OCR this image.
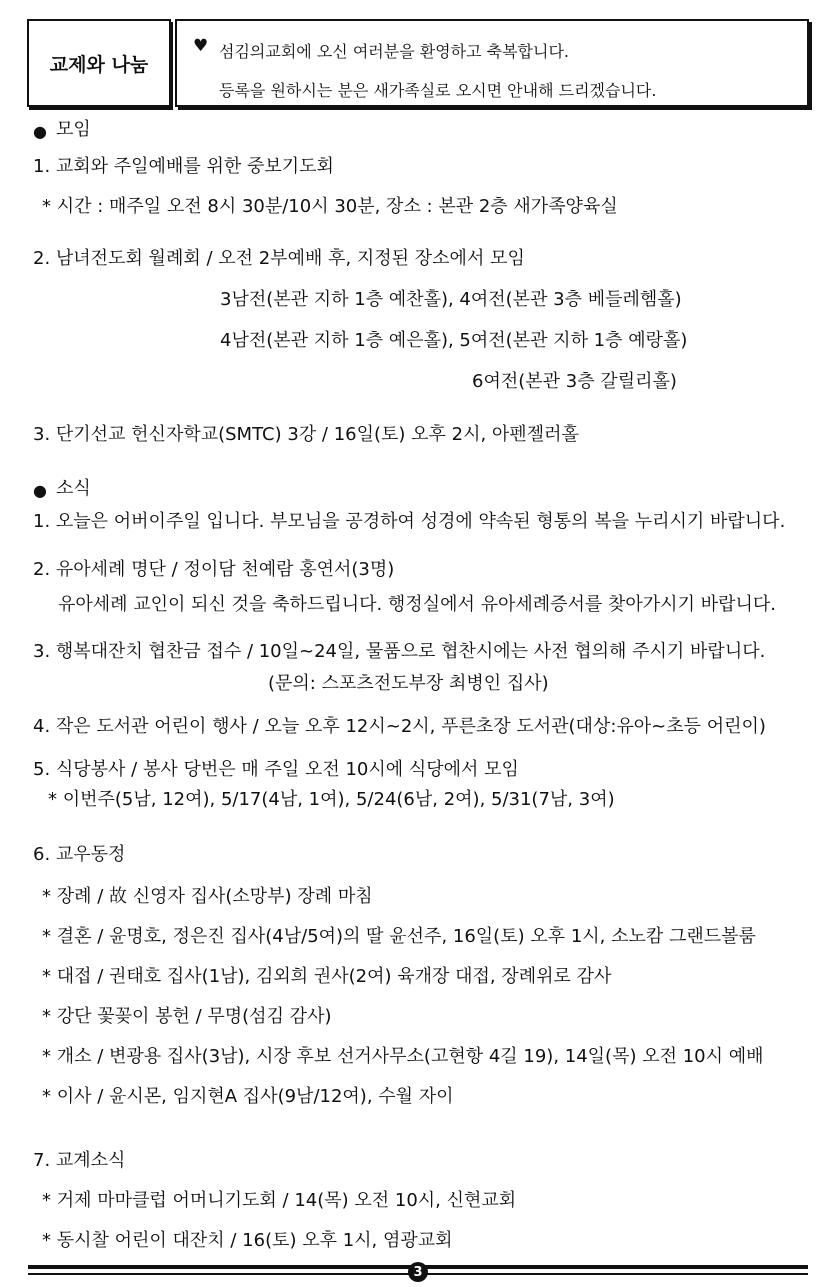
교제와 나눔
♥ 섬김의교회에 오신 여러분을 환영하고 축복합니다.
등록을 원하시는 분은 새가족실로 오시면 안내해 드리겠습니다.
● 모임
1. 교회와 주일예배를 위한 중보기도회
* 시간 : 매주일 오전 8시 30분/10시 30분, 장소 : 본관 2층 새가족양육실
2. 남녀전도회 월례회 / 오전 2부예배 후, 지정된 장소에서 모임
3남전(본관 지하 1층 예찬홀), 4여전(본관 3층 베들레헴홀)
4남전(본관 지하 1층 예은홀), 5여전(본관 지하 1층 예랑홀)
6여전(본관 3층 갈릴리홀)
3. 단기선교 헌신자학교(SMTC) 3강 / 16일(토) 오후 2시, 아펜젤러홀
● 소식
1. 오늘은 어버이주일 입니다. 부모님을 공경하여 성경에 약속된 형통의 복을 누리시기 바랍니다.
2. 유아세례 명단 / 정이담 천예람 홍연서(3명)
유아세례 교인이 되신 것을 축하드립니다. 행정실에서 유아세례증서를 찾아가시기 바랍니다.
3. 행복대잔치 협찬금 접수 / 10일~24일, 물품으로 협찬시에는 사전 협의해 주시기 바랍니다.
(문의: 스포츠전도부장 최병인 집사)
4. 작은 도서관 어린이 행사 / 오늘 오후 12시~2시, 푸른초장 도서관(대상:유아~초등 어린이)
5. 식당봉사 / 봉사 당번은 매 주일 오전 10시에 식당에서 모임
* 이번주(5남, 12여), 5/17(4남, 1여), 5/24(6남, 2여), 5/31(7남, 3여)
6. 교우동정
* 장례 / 故 신영자 집사(소망부) 장례 마침
* 결혼 / 윤명호, 정은진 집사(4남/5여)의 딸 윤선주, 16일(토) 오후 1시, 소노캄 그랜드볼룸
* 대접 / 권태호 집사(1남), 김외희 권사(2여) 육개장 대접, 장례위로 감사
* 강단 꽃꽂이 봉헌 / 무명(섬김 감사)
* 개소 / 변광용 집사(3남), 시장 후보 선거사무소(고현항 4길 19), 14일(목) 오전 10시 예배
* 이사 / 윤시몬, 임지현A 집사(9남/12여), 수월 자이
7. 교계소식
* 거제 마마클럽 어머니기도회 / 14(목) 오전 10시, 신현교회
* 동시찰 어린이 대잔치 / 16(토) 오후 1시, 염광교회
3
